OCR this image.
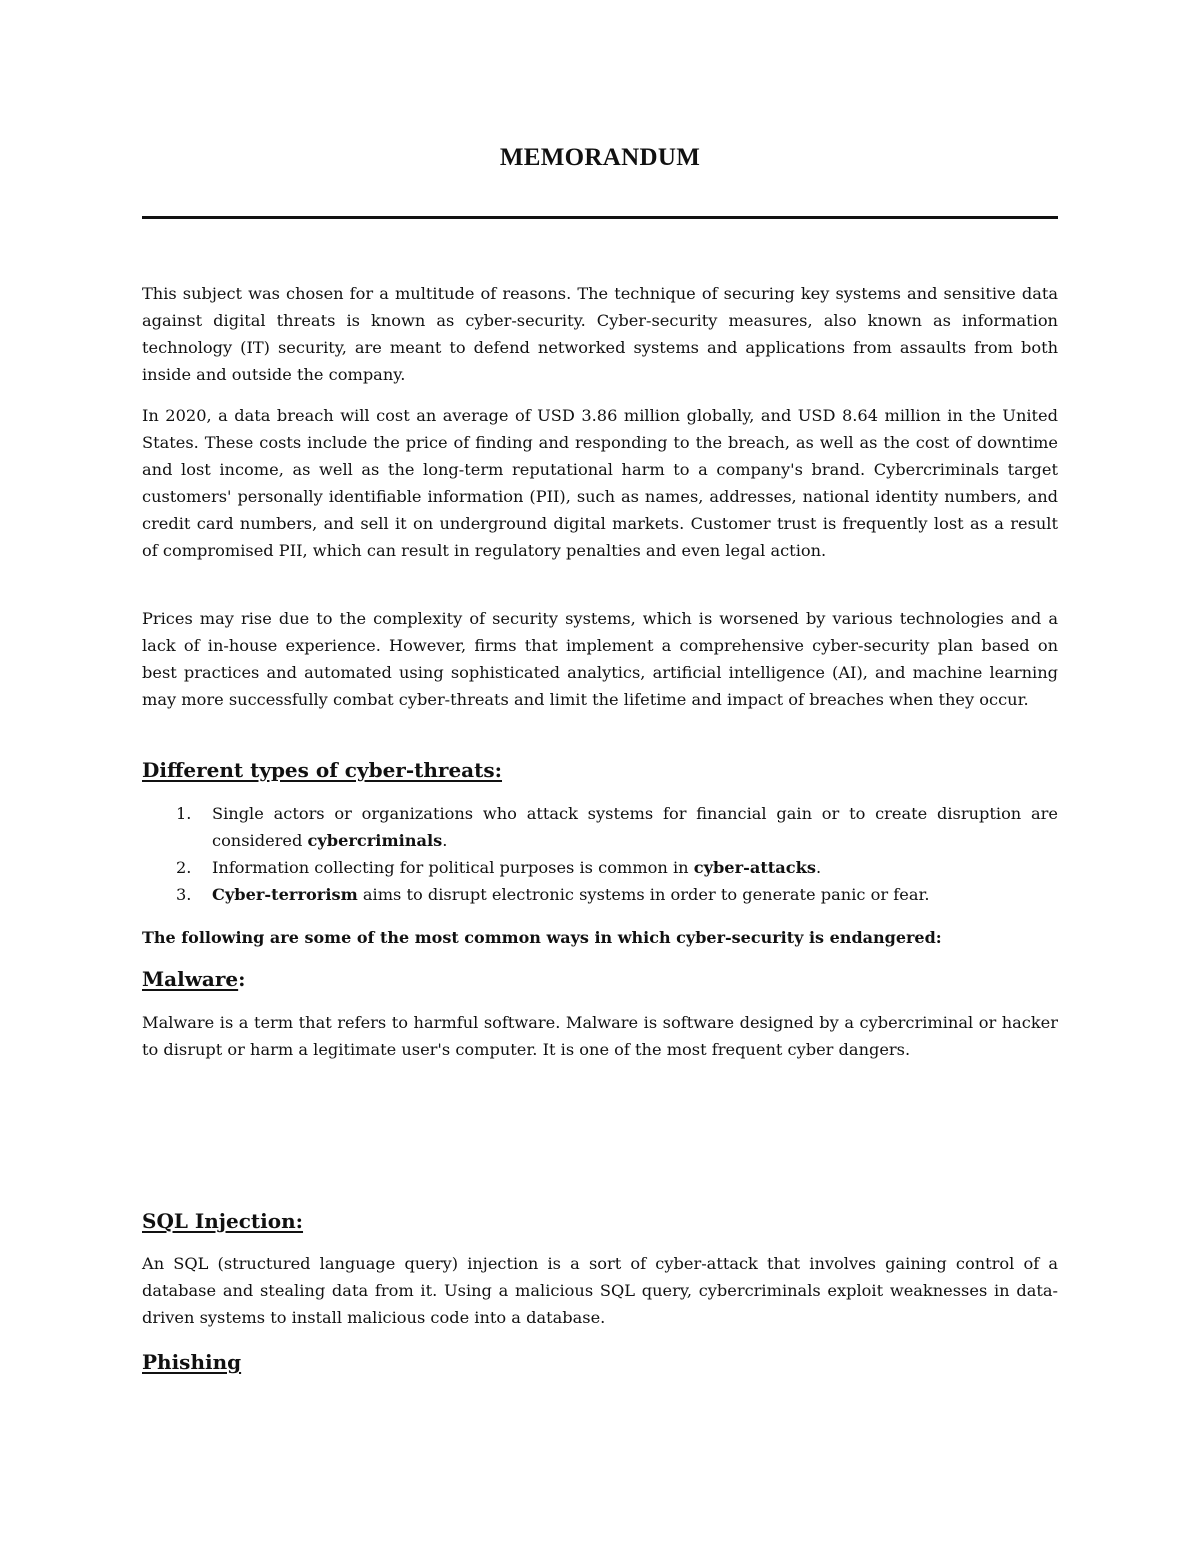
MEMORANDUM

This subject was chosen for a multitude of reasons. The technique of securing key systems and sensitive data against digital threats is known as cyber-security. Cyber-security measures, also known as information technology (IT) security, are meant to defend networked systems and applications from assaults from both inside and outside the company.

In 2020, a data breach will cost an average of USD 3.86 million globally, and USD 8.64 million in the United States. These costs include the price of finding and responding to the breach, as well as the cost of downtime and lost income, as well as the long-term reputational harm to a company's brand. Cybercriminals target customers' personally identifiable information (PII), such as names, addresses, national identity numbers, and credit card numbers, and sell it on underground digital markets. Customer trust is frequently lost as a result of compromised PII, which can result in regulatory penalties and even legal action.

Prices may rise due to the complexity of security systems, which is worsened by various technologies and a lack of in-house experience. However, firms that implement a comprehensive cyber-security plan based on best practices and automated using sophisticated analytics, artificial intelligence (AI), and machine learning may more successfully combat cyber-threats and limit the lifetime and impact of breaches when they occur.

Different types of cyber-threats:
1. Single actors or organizations who attack systems for financial gain or to create disruption are considered cybercriminals.
2. Information collecting for political purposes is common in cyber-attacks.
3. Cyber-terrorism aims to disrupt electronic systems in order to generate panic or fear.

The following are some of the most common ways in which cyber-security is endangered:

Malware:

Malware is a term that refers to harmful software. Malware is software designed by a cybercriminal or hacker to disrupt or harm a legitimate user's computer. It is one of the most frequent cyber dangers.

SQL Injection:

An SQL (structured language query) injection is a sort of cyber-attack that involves gaining control of a database and stealing data from it. Using a malicious SQL query, cybercriminals exploit weaknesses in data-driven systems to install malicious code into a database.

Phishing
